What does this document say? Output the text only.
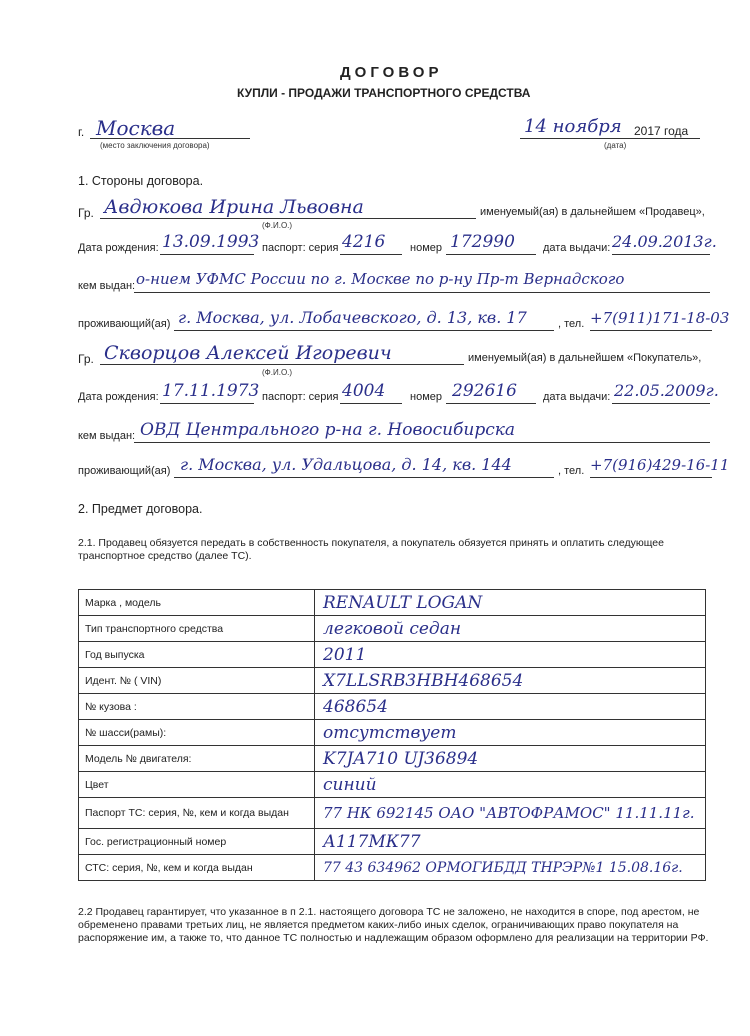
ДОГОВОР
КУПЛИ - ПРОДАЖИ ТРАНСПОРТНОГО СРЕДСТВА
г. Москва
(место заключения договора)
14 ноября 2017 года
(дата)
1. Стороны договора.
Гр. Авдюкова Ирина Львовна
(Ф.И.О.)
именуемый(ая) в дальнейшем «Продавец»,
Дата рождения: 13.09.1993 паспорт: серия 4216 номер 172990	дата выдачи: 24.09.2013г.
кем выдан: о-нием УФМС России по г. Москве по р-ну Пр-т Вернадского
проживающий(ая) г. Москва, ул. Лобачевского, д. 13, кв. 17	, тел. +7(911)171-18-03
Гр. Скворцов Алексей Игоревич
(Ф.И.О.)
именуемый(ая) в дальнейшем «Покупатель»,
Дата рождения: 17.11.1973 паспорт: серия 4004 номер 292616 дата выдачи: 22.05.2009г.
кем выдан: ОВД Центрального р-на г. Новосибирска
проживающий(ая) г. Москва, ул. Удальцова, д. 14, кв. 144	, тел. +7(916)429-16-11
2. Предмет договора.
2.1. Продавец обязуется передать в собственность покупателя, а покупатель обязуется принять и оплатить следующее транспортное средство (далее ТС).
Марка , модель	RENAULT LOGAN
Тип транспортного средства	легковой седан
Год выпуска	2011
Идент. № ( VIN)	X7LLSRB3HBH468654
№ кузова :	468654
№ шасси(рамы):	отсутствует
Модель № двигателя:	K7JA710 UJ36894
Цвет	синий
Паспорт ТС: серия, №, кем и когда выдан	77 НК 692145 ОАО "АВТОФРАМОС" 11.11.11г.
Гос. регистрационный номер	А117МК77
СТС: серия, №, кем и когда выдан	77 43 634962 ОРМОГИБДД ТНРЭР№1 15.08.16г.
2.2 Продавец гарантирует, что указанное в п 2.1. настоящего договора ТС не заложено, не находится в споре, под арестом, не обременено правами третьих лиц, не является предметом каких-либо иных сделок, ограничивающих право покупателя на распоряжение им, а также то, что данное ТС полностью и надлежащим образом оформлено для реализации на территории РФ.
